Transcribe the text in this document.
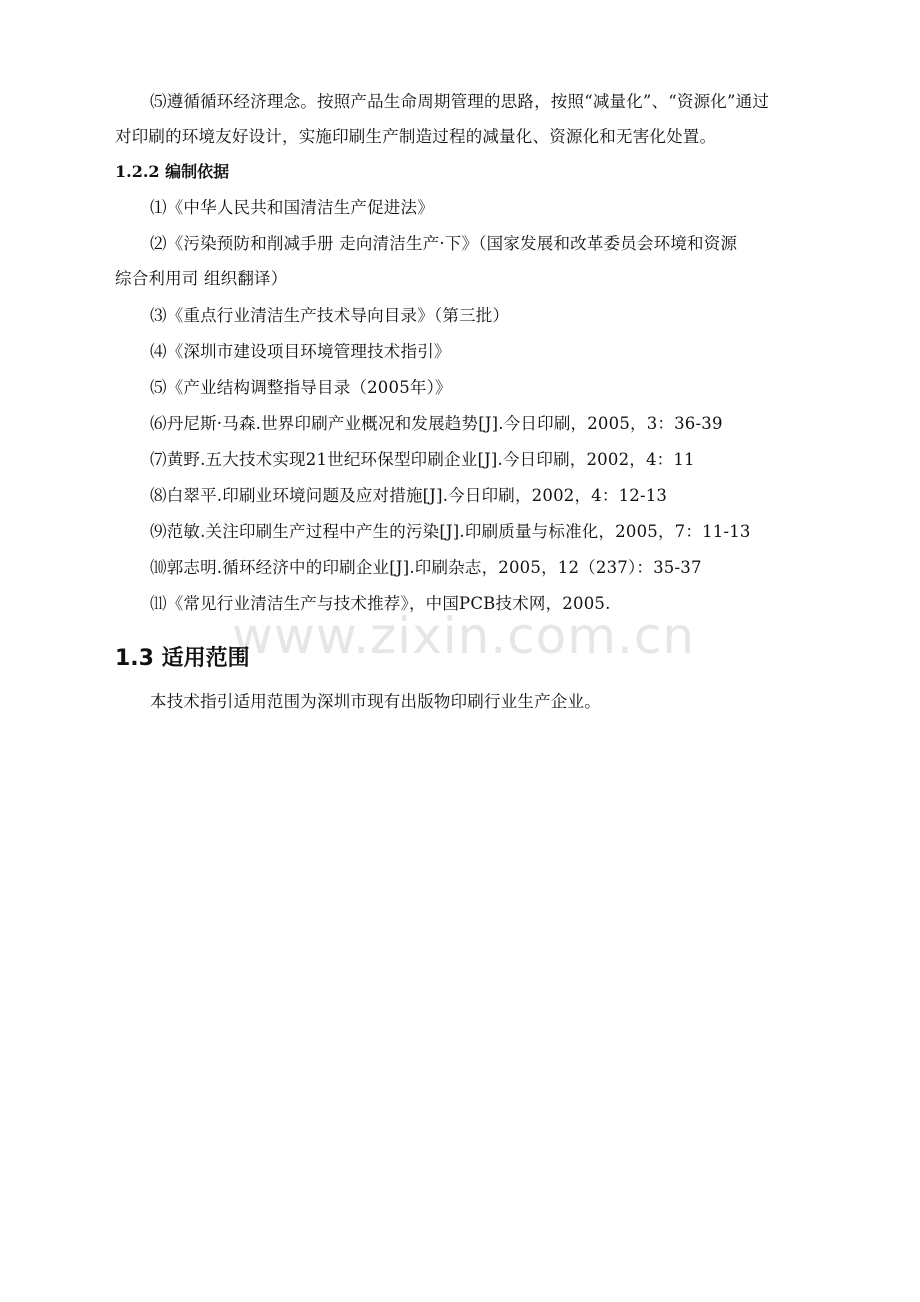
⑸遵循循环经济理念。按照产品生命周期管理的思路，按照“减量化”、“资源化”通过
对印刷的环境友好设计，实施印刷生产制造过程的减量化、资源化和无害化处置。
1.2.2 编制依据
⑴《中华人民共和国清洁生产促进法》
⑵《污染预防和削减手册 走向清洁生产·下》（国家发展和改革委员会环境和资源
综合利用司 组织翻译）
⑶《重点行业清洁生产技术导向目录》（第三批）
⑷《深圳市建设项目环境管理技术指引》
⑸《产业结构调整指导目录（2005年）》
⑹丹尼斯·马森.世界印刷产业概况和发展趋势[J].今日印刷，2005，3：36-39
⑺黄野.五大技术实现21世纪环保型印刷企业[J].今日印刷，2002，4：11
⑻白翠平.印刷业环境问题及应对措施[J].今日印刷，2002，4：12-13
⑼范敏.关注印刷生产过程中产生的污染[J].印刷质量与标准化，2005，7：11-13
⑽郭志明.循环经济中的印刷企业[J].印刷杂志，2005，12（237）：35-37
⑾《常见行业清洁生产与技术推荐》，中国PCB技术网，2005.
www.zixin.com.cn
1.3 适用范围
本技术指引适用范围为深圳市现有出版物印刷行业生产企业。
